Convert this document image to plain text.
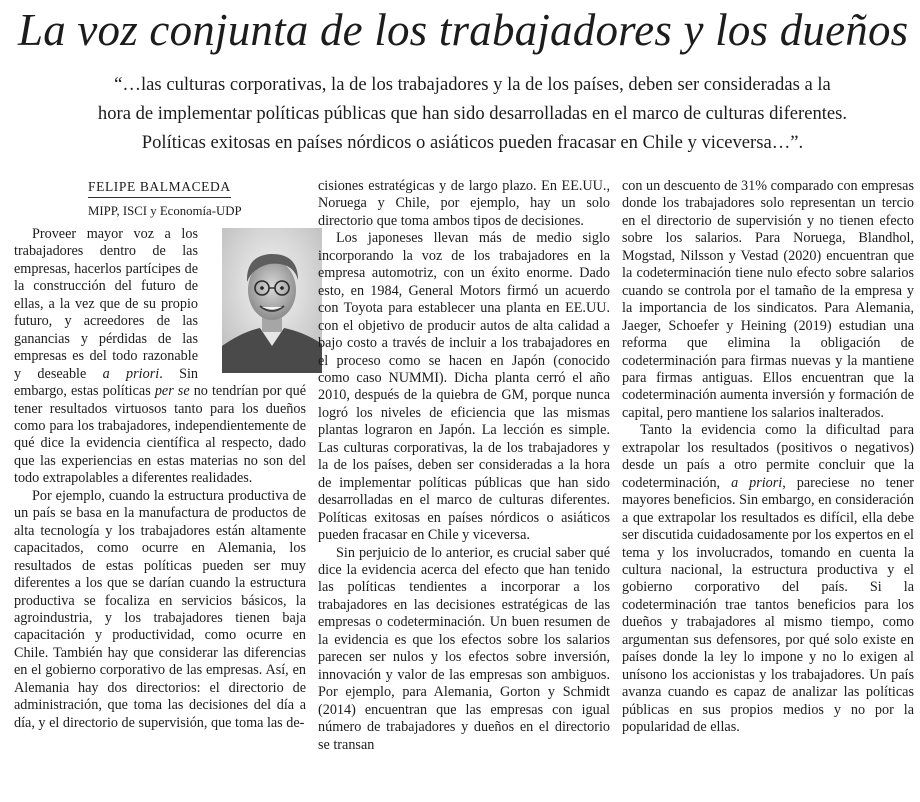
La voz conjunta de los trabajadores y los dueños
“…las culturas corporativas, la de los trabajadores y la de los países, deben ser consideradas a la
hora de implementar políticas públicas que han sido desarrolladas en el marco de culturas diferentes.
Políticas exitosas en países nórdicos o asiáticos pueden fracasar en Chile y viceversa…”.
FELIPE BALMACEDA
MIPP, ISCI y Economía-UDP

Proveer mayor voz a los trabajadores dentro de las empresas, hacerlos partícipes de la construcción del futuro de ellas, a la vez que de su propio futuro, y acreedores de las ganancias y pérdidas de las empresas es del todo razonable y deseable a priori. Sin embargo, estas políticas per se no tendrían por qué tener resultados virtuosos tanto para los dueños como para los trabajadores, independientemente de qué dice la evidencia científica al respecto, dado que las experiencias en estas materias no son del todo extrapolables a diferentes realidades.

Por ejemplo, cuando la estructura productiva de un país se basa en la manufactura de productos de alta tecnología y los trabajadores están altamente capacitados, como ocurre en Alemania, los resultados de estas políticas pueden ser muy diferentes a los que se darían cuando la estructura productiva se focaliza en servicios básicos, la agroindustria, y los trabajadores tienen baja capacitación y productividad, como ocurre en Chile. También hay que considerar las diferencias en el gobierno corporativo de las empresas. Así, en Alemania hay dos directorios: el directorio de administración, que toma las decisiones del día a día, y el directorio de supervisión, que toma las de-

cisiones estratégicas y de largo plazo. En EE.UU., Noruega y Chile, por ejemplo, hay un solo directorio que toma ambos tipos de decisiones.

Los japoneses llevan más de medio siglo incorporando la voz de los trabajadores en la empresa automotriz, con un éxito enorme. Dado esto, en 1984, General Motors firmó un acuerdo con Toyota para establecer una planta en EE.UU. con el objetivo de producir autos de alta calidad a bajo costo a través de incluir a los trabajadores en el proceso como se hacen en Japón (conocido como caso NUMMI). Dicha planta cerró el año 2010, después de la quiebra de GM, porque nunca logró los niveles de eficiencia que las mismas plantas lograron en Japón. La lección es simple. Las culturas corporativas, la de los trabajadores y la de los países, deben ser consideradas a la hora de implementar políticas públicas que han sido desarrolladas en el marco de culturas diferentes. Políticas exitosas en países nórdicos o asiáticos pueden fracasar en Chile y viceversa.

Sin perjuicio de lo anterior, es crucial saber qué dice la evidencia acerca del efecto que han tenido las políticas tendientes a incorporar a los trabajadores en las decisiones estratégicas de las empresas o codeterminación. Un buen resumen de la evidencia es que los efectos sobre los salarios parecen ser nulos y los efectos sobre inversión, innovación y valor de las empresas son ambiguos. Por ejemplo, para Alemania, Gorton y Schmidt (2014) encuentran que las empresas con igual número de trabajadores y dueños en el directorio se transan

con un descuento de 31% comparado con empresas donde los trabajadores solo representan un tercio en el directorio de supervisión y no tienen efecto sobre los salarios. Para Noruega, Blandhol, Mogstad, Nilsson y Vestad (2020) encuentran que la codeterminación tiene nulo efecto sobre salarios cuando se controla por el tamaño de la empresa y la importancia de los sindicatos. Para Alemania, Jaeger, Schoefer y Heining (2019) estudian una reforma que elimina la obligación de codeterminación para firmas nuevas y la mantiene para firmas antiguas. Ellos encuentran que la codeterminación aumenta inversión y formación de capital, pero mantiene los salarios inalterados.

Tanto la evidencia como la dificultad para extrapolar los resultados (positivos o negativos) desde un país a otro permite concluir que la codeterminación, a priori, pareciese no tener mayores beneficios. Sin embargo, en consideración a que extrapolar los resultados es difícil, ella debe ser discutida cuidadosamente por los expertos en el tema y los involucrados, tomando en cuenta la cultura nacional, la estructura productiva y el gobierno corporativo del país. Si la codeterminación trae tantos beneficios para los dueños y trabajadores al mismo tiempo, como argumentan sus defensores, por qué solo existe en países donde la ley lo impone y no lo exigen al unísono los accionistas y los trabajadores. Un país avanza cuando es capaz de analizar las políticas públicas en sus propios medios y no por la popularidad de ellas.
